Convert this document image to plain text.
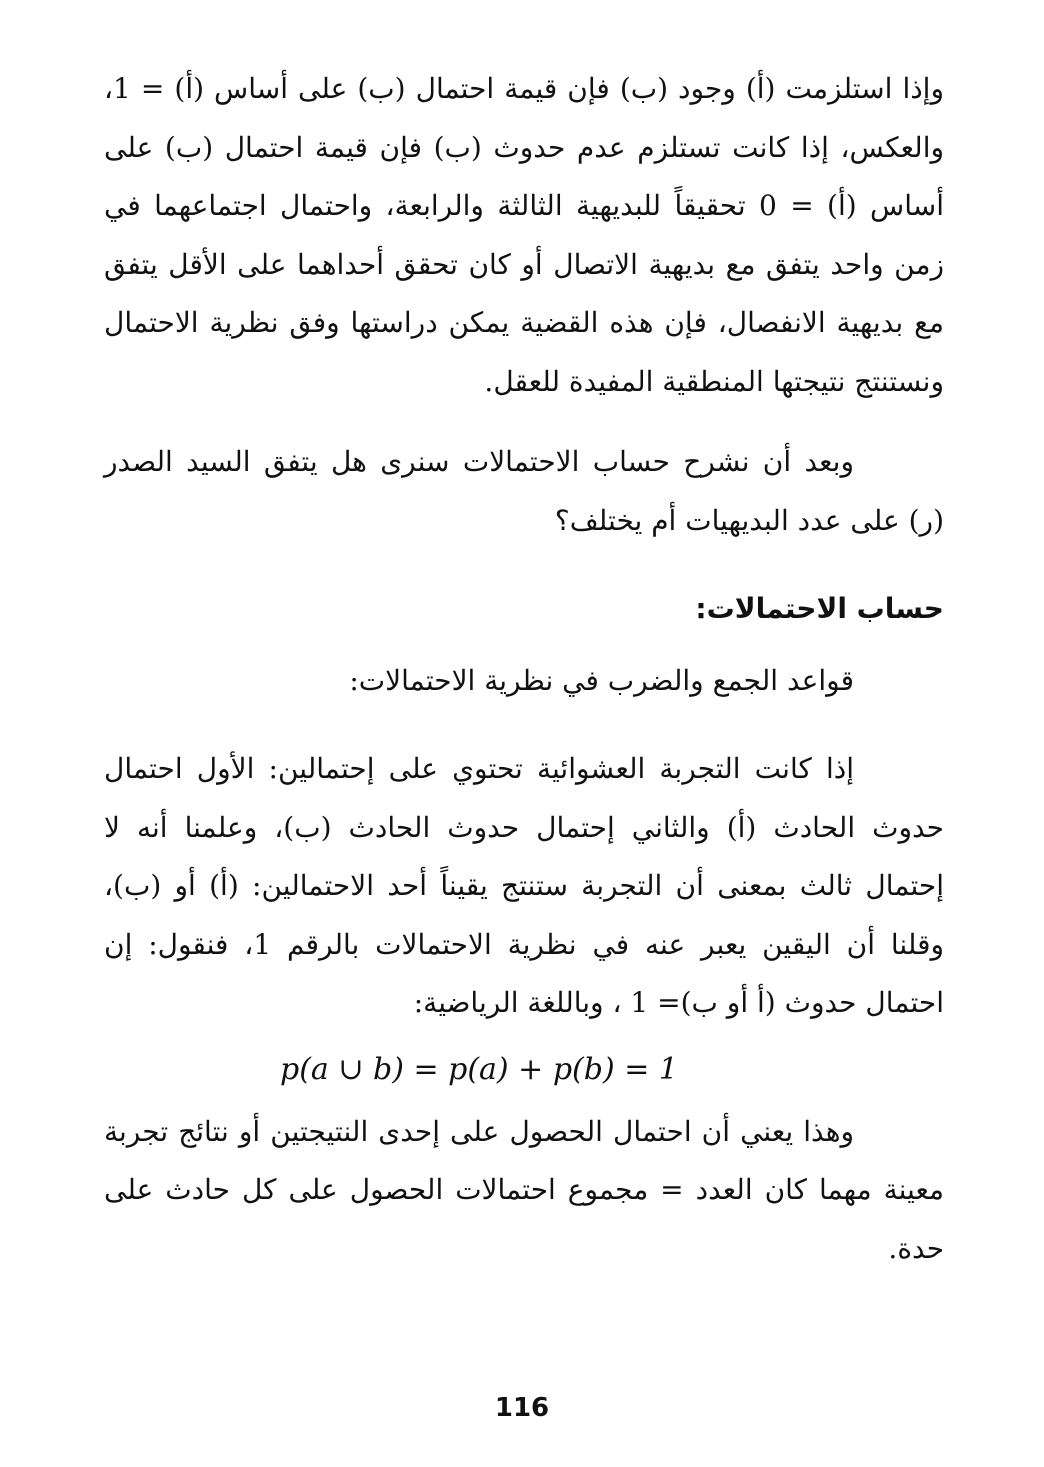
وإذا استلزمت (أ) وجود (ب) فإن قيمة احتمال (ب) على أساس (أ) = 1، والعكس، إذا كانت تستلزم عدم حدوث (ب) فإن قيمة احتمال (ب) على أساس (أ) = 0 تحقيقاً للبديهية الثالثة والرابعة، واحتمال اجتماعهما في زمن واحد يتفق مع بديهية الاتصال أو كان تحقق أحداهما على الأقل يتفق مع بديهية الانفصال، فإن هذه القضية يمكن دراستها وفق نظرية الاحتمال ونستنتج نتيجتها المنطقية المفيدة للعقل.

وبعد أن نشرح حساب الاحتمالات سنرى هل يتفق السيد الصدر (ر) على عدد البديهيات أم يختلف؟

حساب الاحتمالات:

قواعد الجمع والضرب في نظرية الاحتمالات:

إذا كانت التجربة العشوائية تحتوي على إحتمالين: الأول احتمال حدوث الحادث (أ) والثاني إحتمال حدوث الحادث (ب)، وعلمنا أنه لا إحتمال ثالث بمعنى أن التجربة ستنتج يقيناً أحد الاحتمالين: (أ) أو (ب)، وقلنا أن اليقين يعبر عنه في نظرية الاحتمالات بالرقم 1، فنقول: إن احتمال حدوث (أ أو ب)= 1 ، وباللغة الرياضية:

p(a ∪ b) = p(a) + p(b) = 1

وهذا يعني أن احتمال الحصول على إحدى النتيجتين أو نتائج تجربة معينة مهما كان العدد = مجموع احتمالات الحصول على كل حادث على حدة.

116
